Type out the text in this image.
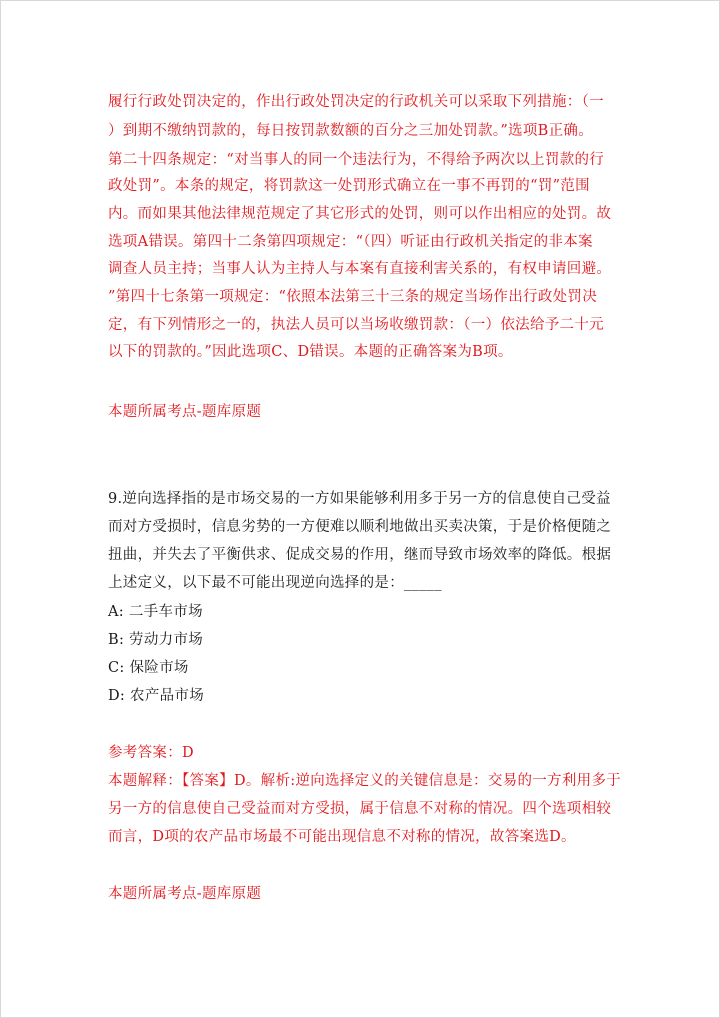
履行行政处罚决定的，作出行政处罚决定的行政机关可以采取下列措施：（一
）到期不缴纳罚款的，每日按罚款数额的百分之三加处罚款。”选项B正确。
第二十四条规定：“对当事人的同一个违法行为，不得给予两次以上罚款的行
政处罚”。本条的规定，将罚款这一处罚形式确立在一事不再罚的“罚”范围
内。而如果其他法律规范规定了其它形式的处罚，则可以作出相应的处罚。故
选项A错误。第四十二条第四项规定：“（四）听证由行政机关指定的非本案
调查人员主持；当事人认为主持人与本案有直接利害关系的，有权申请回避。
”第四十七条第一项规定：“依照本法第三十三条的规定当场作出行政处罚决
定，有下列情形之一的，执法人员可以当场收缴罚款：（一）依法给予二十元
以下的罚款的。”因此选项C、D错误。本题的正确答案为B项。
本题所属考点-题库原题
9.逆向选择指的是市场交易的一方如果能够利用多于另一方的信息使自己受益
而对方受损时，信息劣势的一方便难以顺利地做出买卖决策，于是价格便随之
扭曲，并失去了平衡供求、促成交易的作用，继而导致市场效率的降低。根据
上述定义，以下最不可能出现逆向选择的是：_____
A: 二手车市场
B: 劳动力市场
C: 保险市场
D: 农产品市场
参考答案：D
本题解释：【答案】D。解析:逆向选择定义的关键信息是：交易的一方利用多于
另一方的信息使自己受益而对方受损，属于信息不对称的情况。四个选项相较
而言，D项的农产品市场最不可能出现信息不对称的情况，故答案选D。
本题所属考点-题库原题
